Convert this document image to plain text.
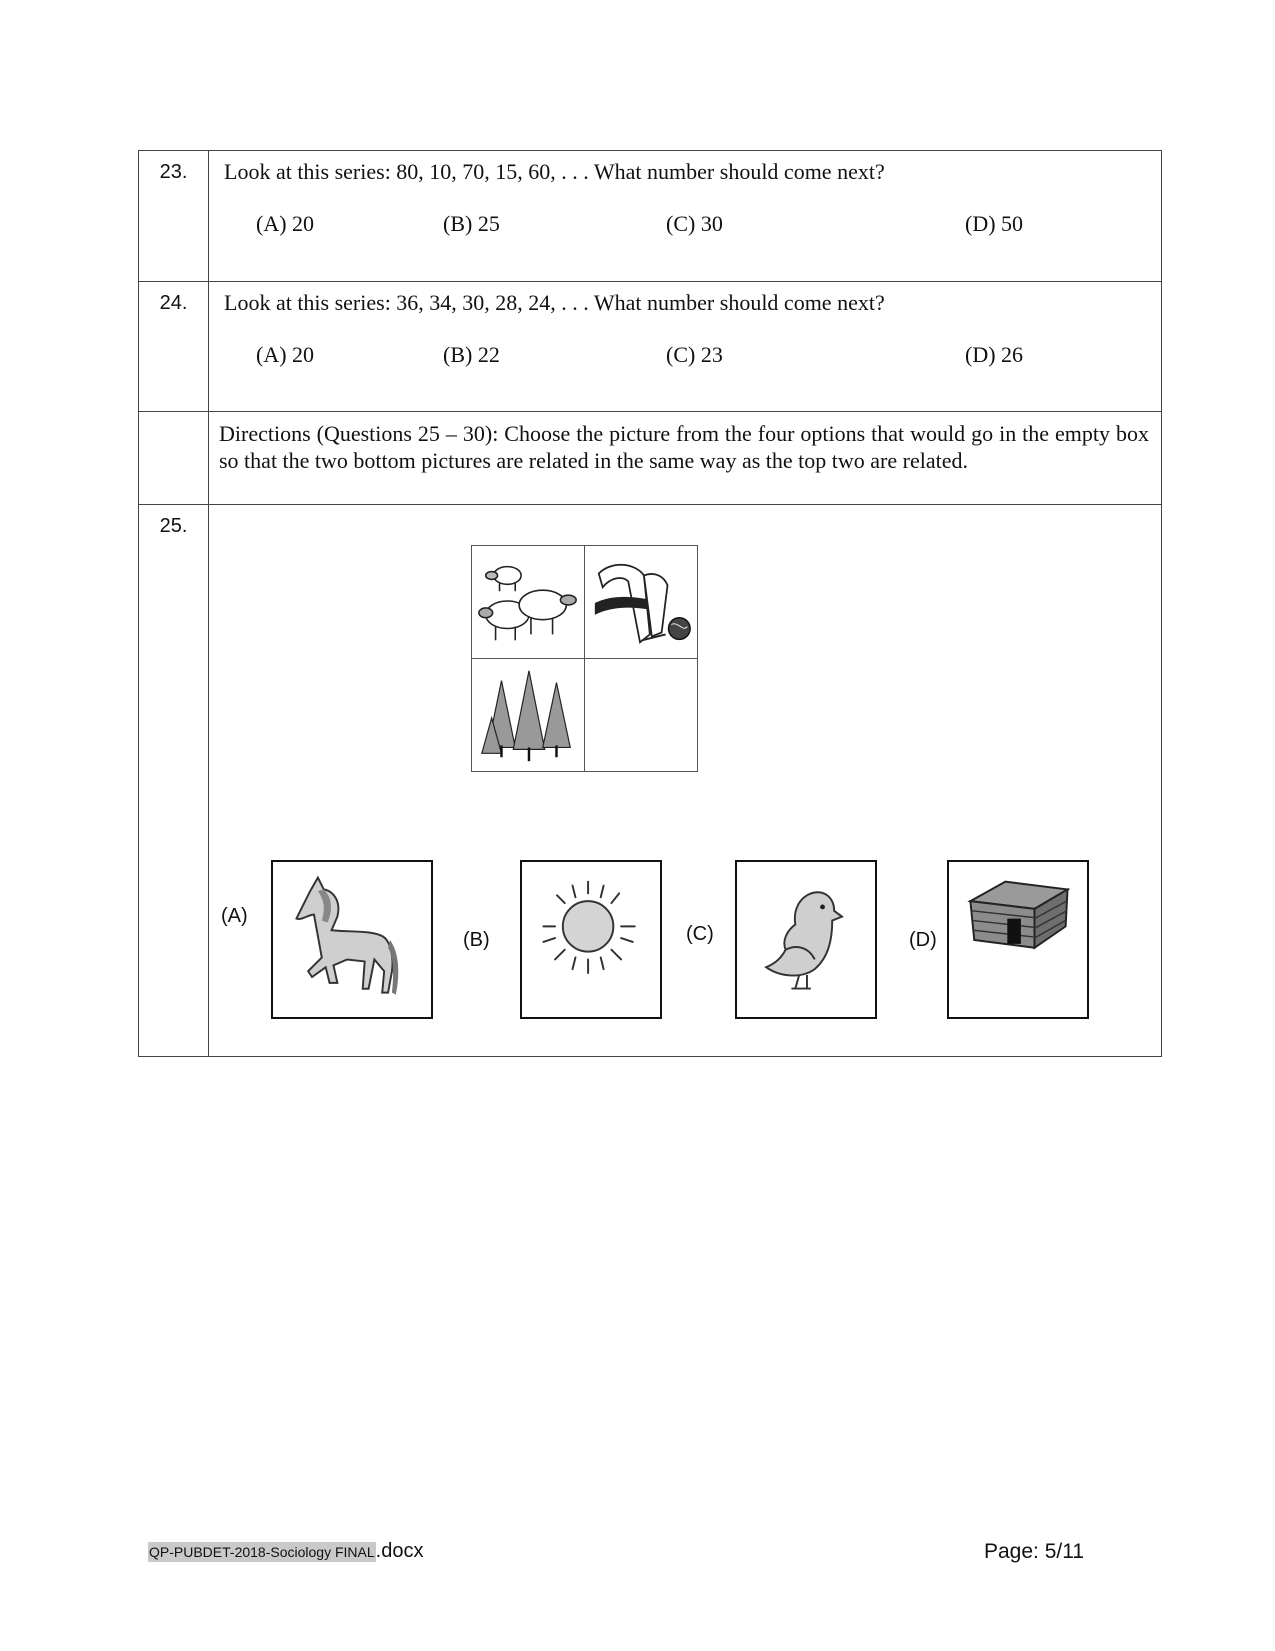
23.	Look at this series: 80, 10, 70, 15, 60, . . . What number should come next?
(A) 20	(B) 25	(C) 30	(D) 50
24.	Look at this series: 36, 34, 30, 28, 24, . . . What number should come next?
(A) 20	(B) 22	(C) 23	(D) 26
Directions (Questions 25 – 30): Choose the picture from the four options that would go in the empty box so that the two bottom pictures are related in the same way as the top two are related.
25.
(A)
(B)	(C)	(D)
QP-PUBDET-2018-Sociology FINAL.docx	Page: 5/11
